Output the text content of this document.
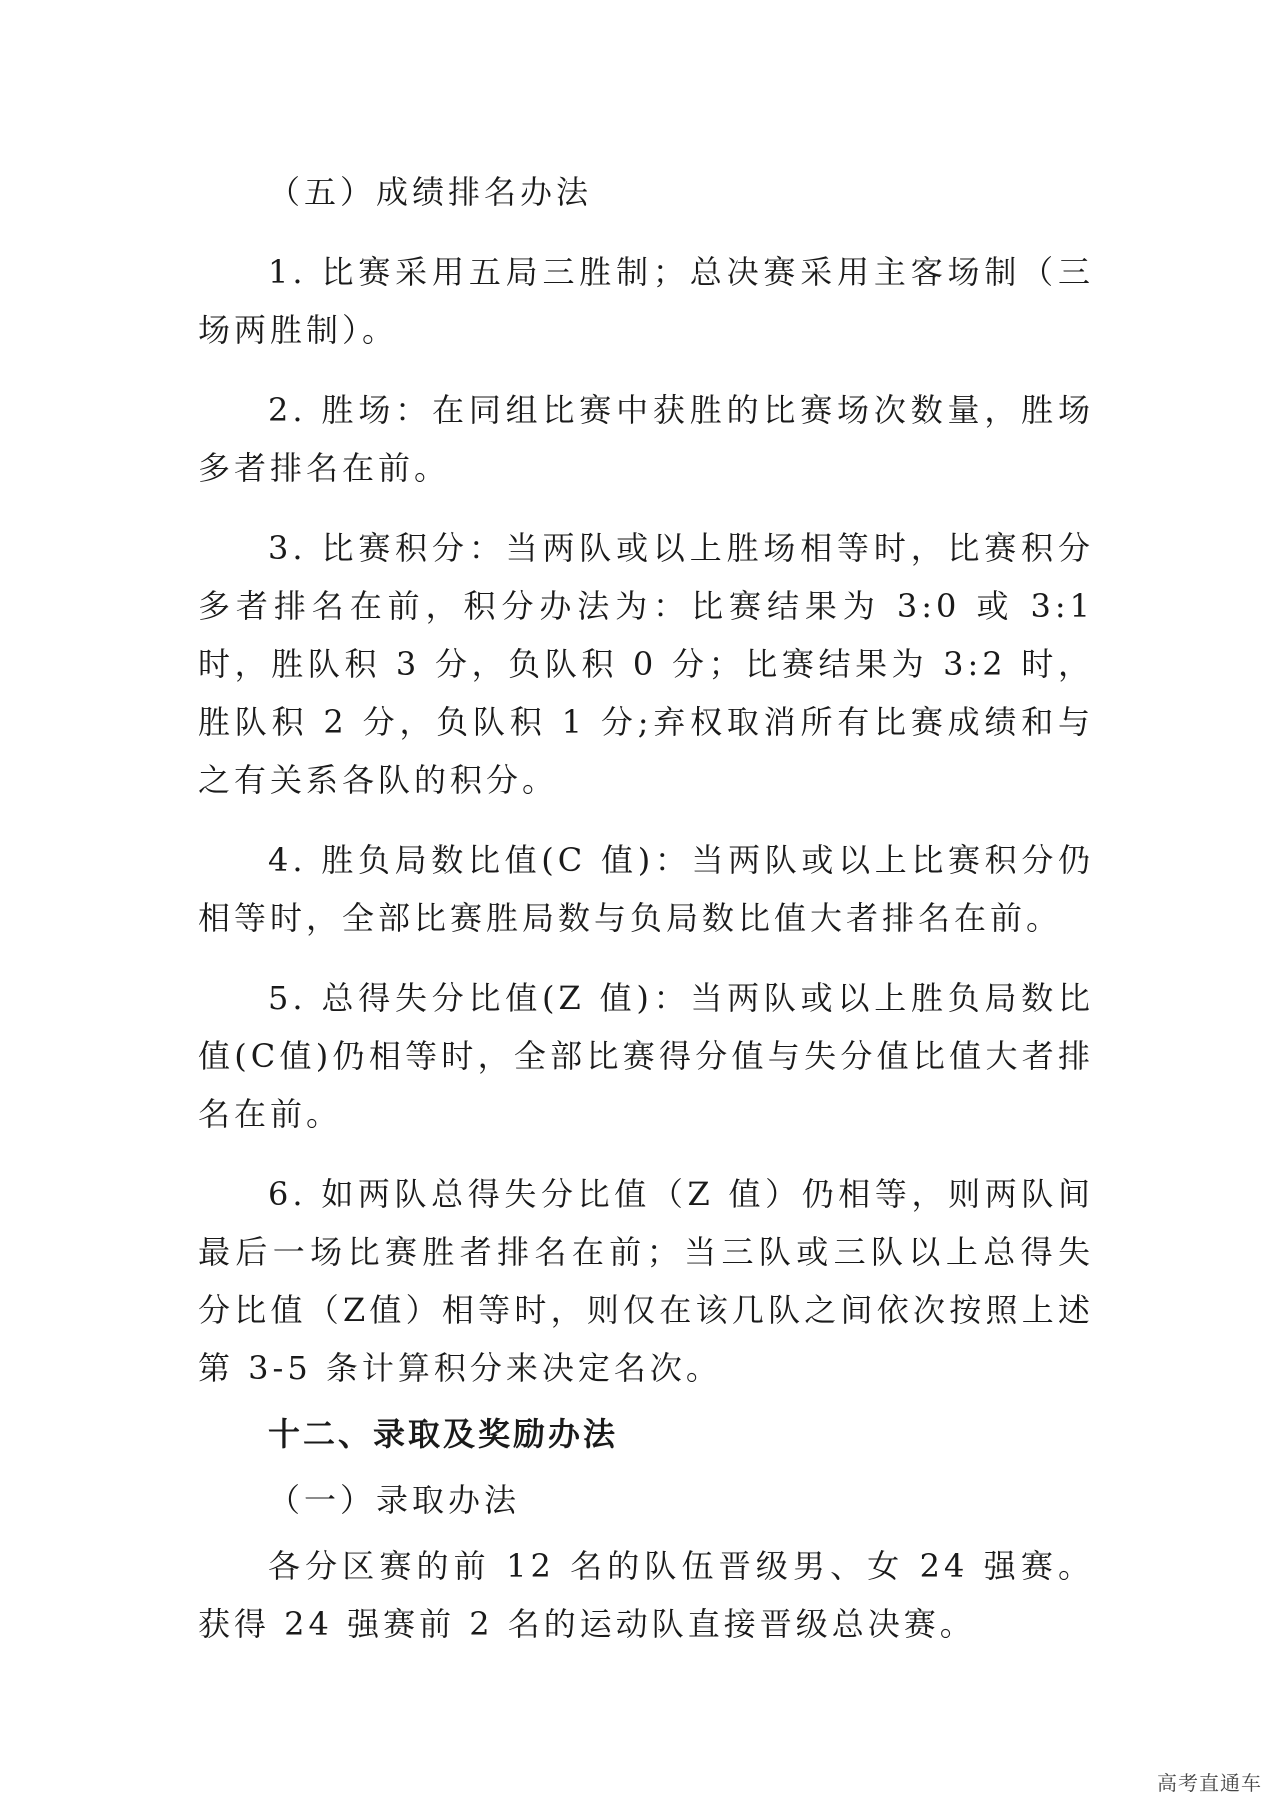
（五）成绩排名办法

1. 比赛采用五局三胜制；总决赛采用主客场制（三场两胜制）。

2. 胜场：在同组比赛中获胜的比赛场次数量，胜场多者排名在前。

3. 比赛积分：当两队或以上胜场相等时，比赛积分多者排名在前，积分办法为：比赛结果为 3:0 或 3:1 时，胜队积 3 分，负队积 0 分；比赛结果为 3:2 时，胜队积 2 分，负队积 1 分;弃权取消所有比赛成绩和与之有关系各队的积分。

4. 胜负局数比值(C 值)：当两队或以上比赛积分仍相等时，全部比赛胜局数与负局数比值大者排名在前。

5. 总得失分比值(Z 值)：当两队或以上胜负局数比值(C值)仍相等时，全部比赛得分值与失分值比值大者排名在前。

6. 如两队总得失分比值（Z 值）仍相等，则两队间最后一场比赛胜者排名在前；当三队或三队以上总得失分比值（Z值）相等时，则仅在该几队之间依次按照上述第 3-5 条计算积分来决定名次。

十二、录取及奖励办法

（一）录取办法

各分区赛的前 12 名的队伍晋级男、女 24 强赛。获得 24 强赛前 2 名的运动队直接晋级总决赛。

高考直通车
